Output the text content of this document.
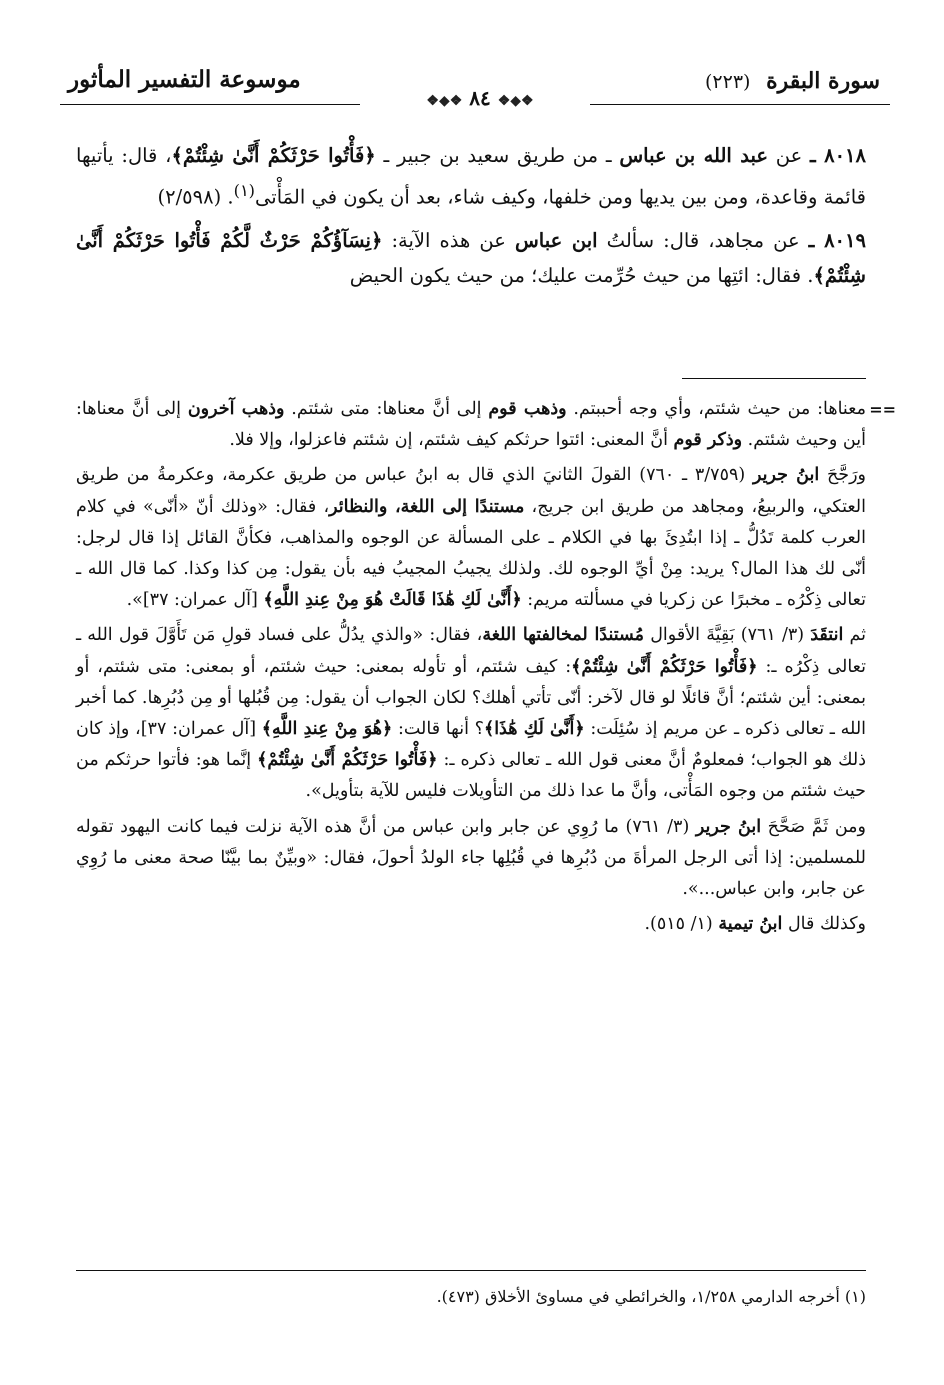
سورة البقرة (٢٢٣)
❖◆❖ ٨٤ ❖◆❖
موسوعة التفسير المأثور

٨٠١٨ ـ عن عبد الله بن عباس ـ من طريق سعيد بن جبير ـ ﴿فَأْتُوا حَرْثَكُمْ أَنَّىٰ شِئْتُمْ﴾، قال: يأتيها قائمة وقاعدة، ومن بين يديها ومن خلفها، وكيف شاء، بعد أن يكون في المَأْتى$^{(١)}$. (٢/٥٩٨)

٨٠١٩ ـ عن مجاهد، قال: سألتُ ابن عباس عن هذه الآية: ﴿نِسَآؤُكُمْ حَرْثٌ لَّكُمْ فَأْتُوا حَرْثَكُمْ أَنَّىٰ شِئْتُمْ﴾. فقال: ائتِها من حيث حُرِّمت عليك؛ من حيث يكون الحيض

==

معناها: من حيث شئتم، وأي وجه أحببتم. وذهب قوم إلى أنَّ معناها: متى شئتم. وذهب آخرون إلى أنَّ معناها: أين وحيث شئتم. وذكر قوم أنَّ المعنى: ائتوا حرثكم كيف شئتم، إن شئتم فاعزلوا، وإلا فلا.

ورَجَّحَ ابنُ جرير (٣/٧٥٩ ـ ٧٦٠) القولَ الثانيَ الذي قال به ابنُ عباس من طريق عكرمة، وعكرمةُ من طريق العتكي، والربيعُ، ومجاهد من طريق ابن جريج، مستندًا إلى اللغة، والنظائر، فقال: «وذلك أنّ «أنّى» في كلام العرب كلمة تَدُلُّ ـ إذا ابتُدِئَ بها في الكلام ـ على المسألة عن الوجوه والمذاهب، فكأنَّ القائل إذا قال لرجل: أنّى لك هذا المال؟ يريد: مِنْ أيِّ الوجوه لك. ولذلك يجيبُ المجيبُ فيه بأن يقول: مِن كذا وكذا. كما قال الله ـ تعالى ذِكْرُه ـ مخبرًا عن زكريا في مسألته مريم: ﴿أَنَّىٰ لَكِ هَٰذَا قَالَتْ هُوَ مِنْ عِندِ اللَّهِ﴾ [آل عمران: ٣٧]».

ثم انتقَدَ (٣/ ٧٦١) بَقِيَّةَ الأقوال مُستندًا لمخالفتها اللغة، فقال: «والذي يدُلُّ على فساد قولِ مَن تَأَوَّلَ قول الله ـ تعالى ذِكْرُه ـ: ﴿فَأْتُوا حَرْثَكُمْ أَنَّىٰ شِئْتُمْ﴾: كيف شئتم، أو تأوله بمعنى: حيث شئتم، أو بمعنى: متى شئتم، أو بمعنى: أين شئتم؛ أنَّ قائلًا لو قال لآخر: أنّى تأتي أهلك؟ لكان الجواب أن يقول: مِن قُبُلها أو مِن دُبُرِها. كما أخبر الله ـ تعالى ذكره ـ عن مريم إذ سُئِلَت: ﴿أَنَّىٰ لَكِ هَٰذَا﴾؟ أنها قالت: ﴿هُوَ مِنْ عِندِ اللَّهِ﴾ [آل عمران: ٣٧]، وإذ كان ذلك هو الجواب؛ فمعلومٌ أنَّ معنى قول الله ـ تعالى ذكره ـ: ﴿فَأْتُوا حَرْثَكُمْ أَنَّىٰ شِئْتُمْ﴾ إنَّما هو: فأتوا حرثكم من حيث شئتم من وجوه المَأْتى، وأنَّ ما عدا ذلك من التأويلات فليس للآية بتأويل».

ومن ثَمَّ صَحَّحَ ابنُ جرير (٣/ ٧٦١) ما رُوِي عن جابر وابن عباس من أنَّ هذه الآية نزلت فيما كانت اليهود تقوله للمسلمين: إذا أتى الرجل المرأةَ من دُبُرِها في قُبُلِها جاء الولدُ أحولَ، فقال: «وبيِّنٌ بما بيَّنّا صحة معنى ما رُوِي عن جابر، وابن عباس...».

وكذلك قال ابنُ تيمية (١/ ٥١٥).

(١) أخرجه الدارمي ١/٢٥٨، والخرائطي في مساوئ الأخلاق (٤٧٣).
